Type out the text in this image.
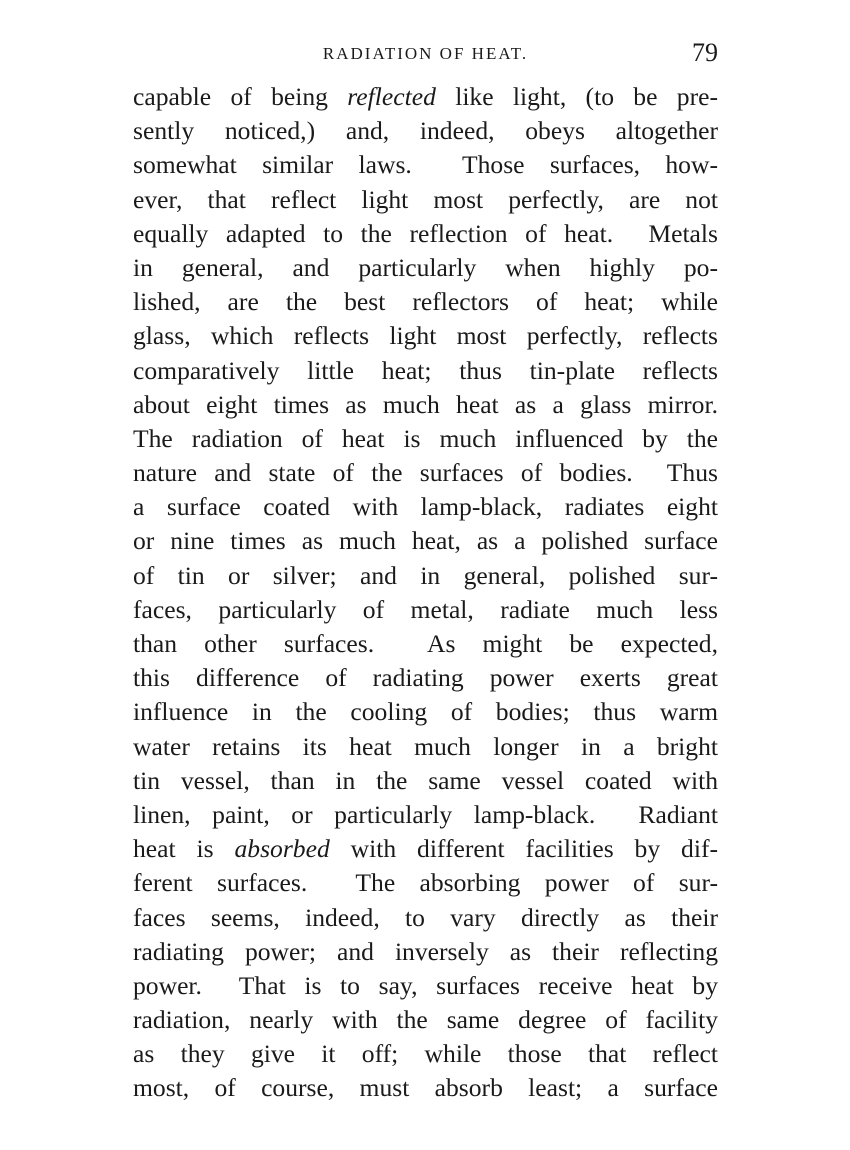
RADIATION OF HEAT.	79
capable of being reflected like light, (to be pre-
sently noticed,) and, indeed, obeys altogether
somewhat similar laws.  Those surfaces, how-
ever, that reflect light most perfectly, are not
equally adapted to the reflection of heat.  Metals
in general, and particularly when highly po-
lished, are the best reflectors of heat; while
glass, which reflects light most perfectly, reflects
comparatively little heat; thus tin-plate reflects
about eight times as much heat as a glass mirror.
The radiation of heat is much influenced by the
nature and state of the surfaces of bodies.  Thus
a surface coated with lamp-black, radiates eight
or nine times as much heat, as a polished surface
of tin or silver; and in general, polished sur-
faces, particularly of metal, radiate much less
than other surfaces.  As might be expected,
this difference of radiating power exerts great
influence in the cooling of bodies; thus warm
water retains its heat much longer in a bright
tin vessel, than in the same vessel coated with
linen, paint, or particularly lamp-black.  Radiant
heat is absorbed with different facilities by dif-
ferent surfaces.  The absorbing power of sur-
faces seems, indeed, to vary directly as their
radiating power; and inversely as their reflecting
power.  That is to say, surfaces receive heat by
radiation, nearly with the same degree of facility
as they give it off; while those that reflect
most, of course, must absorb least; a surface
